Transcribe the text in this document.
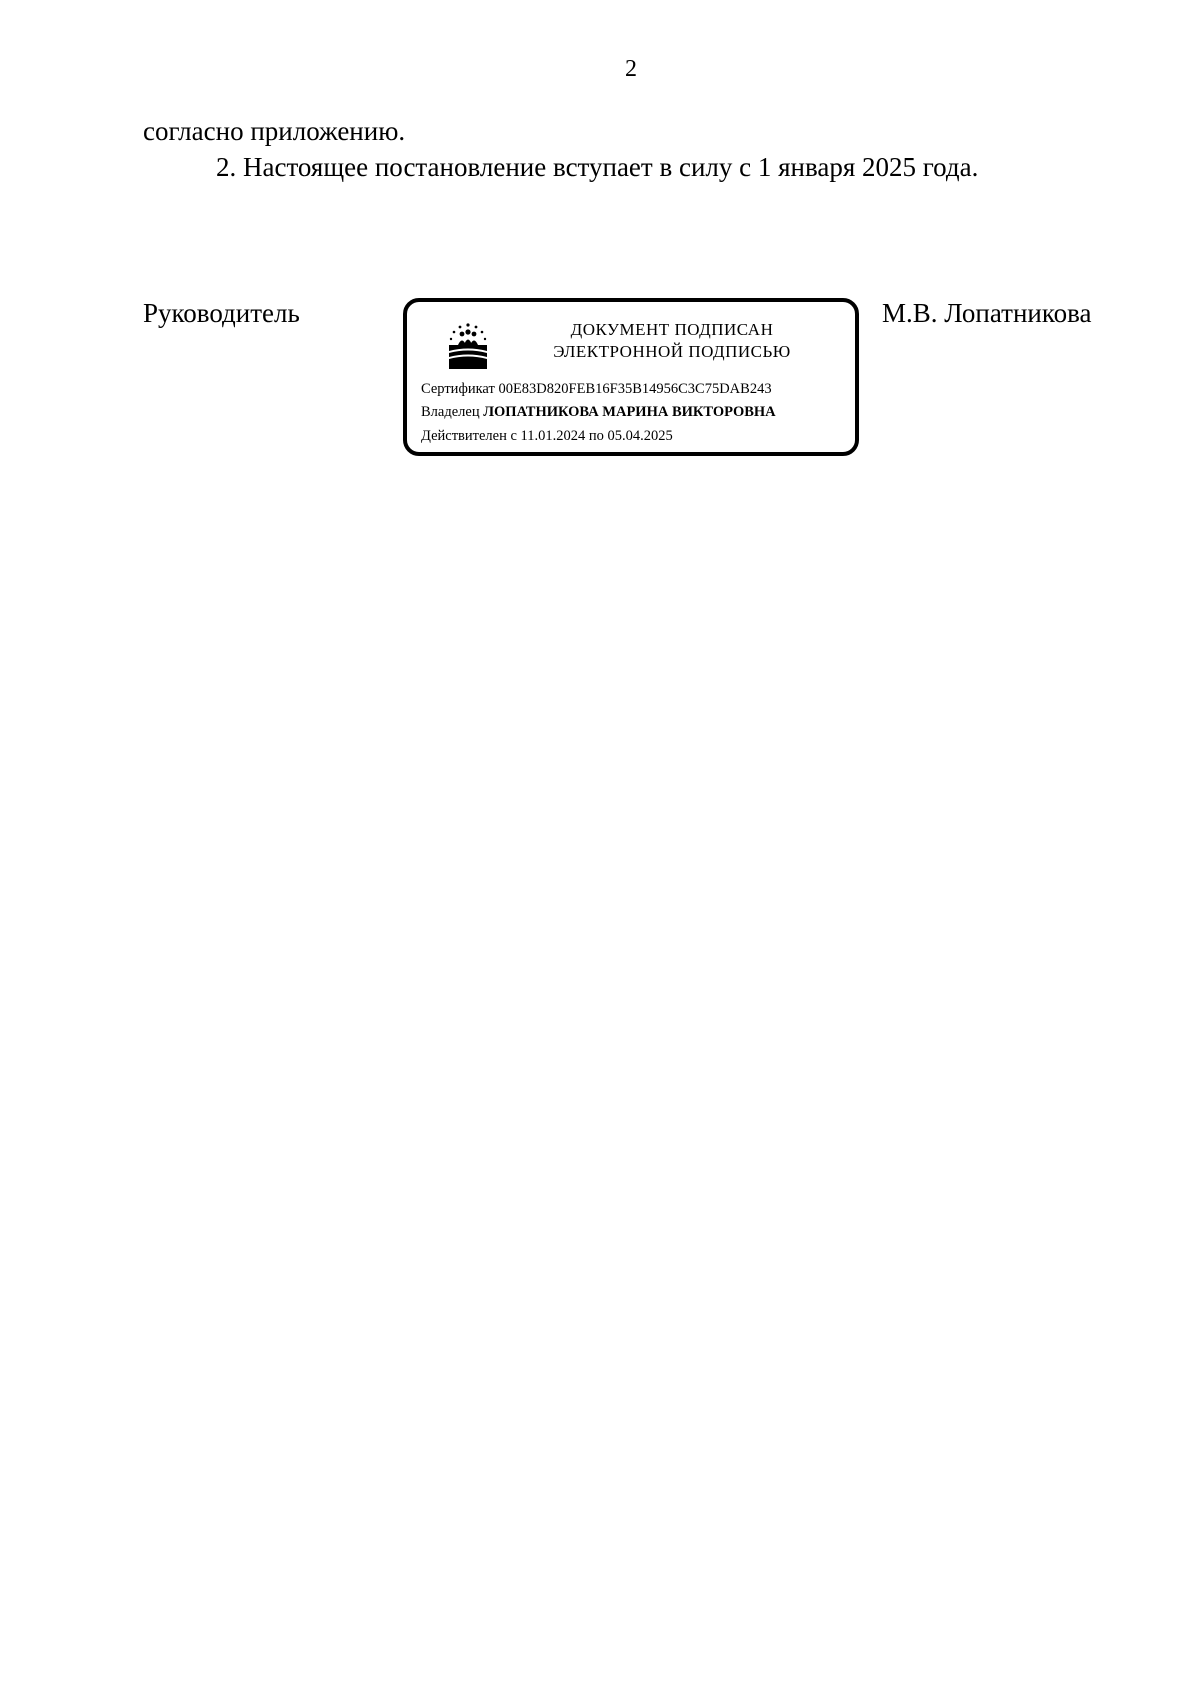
2
согласно приложению.
2. Настоящее постановление вступает в силу с 1 января 2025 года.
Руководитель
ДОКУМЕНТ ПОДПИСАН
ЭЛЕКТРОННОЙ ПОДПИСЬЮ
Сертификат 00E83D820FEB16F35B14956C3C75DAB243
Владелец ЛОПАТНИКОВА МАРИНА ВИКТОРОВНА
Действителен с 11.01.2024 по 05.04.2025
М.В. Лопатникова
